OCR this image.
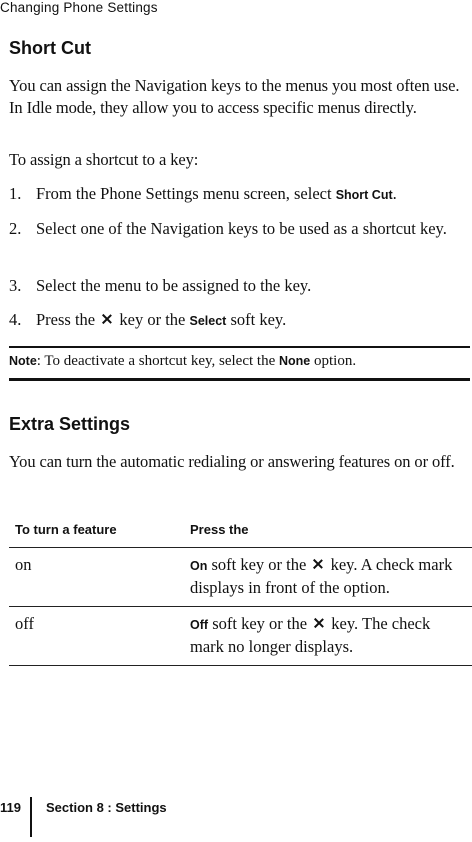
Changing Phone Settings
Short Cut
You can assign the Navigation keys to the menus you most often use. In Idle mode, they allow you to access specific menus directly.
To assign a shortcut to a key:
1. From the Phone Settings menu screen, select Short Cut.
2. Select one of the Navigation keys to be used as a shortcut key.
3. Select the menu to be assigned to the key.
4. Press the  key or the Select soft key.
Note: To deactivate a shortcut key, select the None option.
Extra Settings
You can turn the automatic redialing or answering features on or off.
To turn a feature	Press the
on	On soft key or the  key. A check mark displays in front of the option.
off	Off soft key or the  key. The check mark no longer displays.
119 Section 8 : Settings
